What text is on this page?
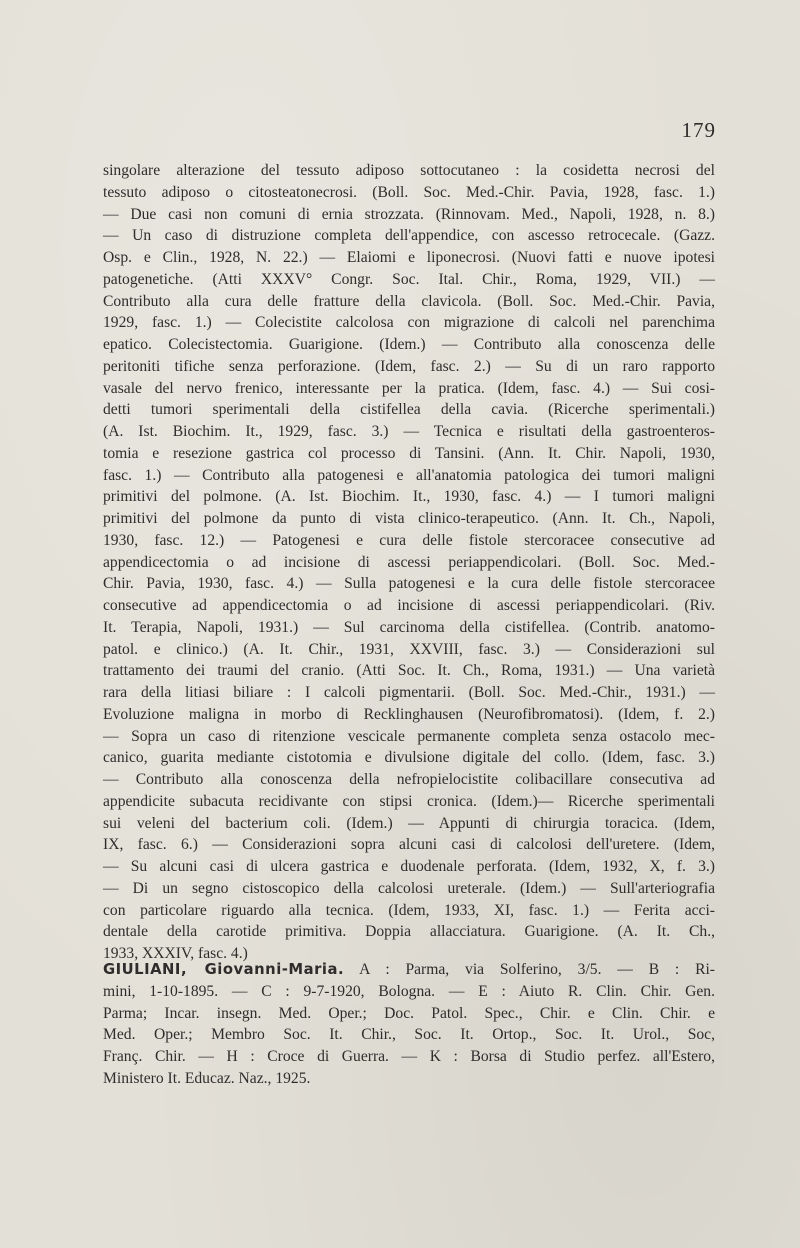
179
singolare alterazione del tessuto adiposo sottocutaneo : la cosidetta necrosi del
tessuto adiposo o citosteatonecrosi. (Boll. Soc. Med.-Chir. Pavia, 1928, fasc. 1.)
— Due casi non comuni di ernia strozzata. (Rinnovam. Med., Napoli, 1928, n. 8.)
— Un caso di distruzione completa dell'appendice, con ascesso retrocecale. (Gazz.
Osp. e Clin., 1928, N. 22.) — Elaiomi e liponecrosi. (Nuovi fatti e nuove ipotesi
patogenetiche. (Atti XXXV° Congr. Soc. Ital. Chir., Roma, 1929, VII.) —
Contributo alla cura delle fratture della clavicola. (Boll. Soc. Med.-Chir. Pavia,
1929, fasc. 1.) — Colecistite calcolosa con migrazione di calcoli nel parenchima
epatico. Colecistectomia. Guarigione. (Idem.) — Contributo alla conoscenza delle
peritoniti tifiche senza perforazione. (Idem, fasc. 2.) — Su di un raro rapporto
vasale del nervo frenico, interessante per la pratica. (Idem, fasc. 4.) — Sui cosi-
detti tumori sperimentali della cistifellea della cavia. (Ricerche sperimentali.)
(A. Ist. Biochim. It., 1929, fasc. 3.) — Tecnica e risultati della gastroenteros-
tomia e resezione gastrica col processo di Tansini. (Ann. It. Chir. Napoli, 1930,
fasc. 1.) — Contributo alla patogenesi e all'anatomia patologica dei tumori maligni
primitivi del polmone. (A. Ist. Biochim. It., 1930, fasc. 4.) — I tumori maligni
primitivi del polmone da punto di vista clinico-terapeutico. (Ann. It. Ch., Napoli,
1930, fasc. 12.) — Patogenesi e cura delle fistole stercoracee consecutive ad
appendicectomia o ad incisione di ascessi periappendicolari. (Boll. Soc. Med.-
Chir. Pavia, 1930, fasc. 4.) — Sulla patogenesi e la cura delle fistole stercoracee
consecutive ad appendicectomia o ad incisione di ascessi periappendicolari. (Riv.
It. Terapia, Napoli, 1931.) — Sul carcinoma della cistifellea. (Contrib. anatomo-
patol. e clinico.) (A. It. Chir., 1931, XXVIII, fasc. 3.) — Considerazioni sul
trattamento dei traumi del cranio. (Atti Soc. It. Ch., Roma, 1931.) — Una varietà
rara della litiasi biliare : I calcoli pigmentarii. (Boll. Soc. Med.-Chir., 1931.) —
Evoluzione maligna in morbo di Recklinghausen (Neurofibromatosi). (Idem, f. 2.)
— Sopra un caso di ritenzione vescicale permanente completa senza ostacolo mec-
canico, guarita mediante cistotomia e divulsione digitale del collo. (Idem, fasc. 3.)
— Contributo alla conoscenza della nefropielocistite colibacillare consecutiva ad
appendicite subacuta recidivante con stipsi cronica. (Idem.)— Ricerche sperimentali
sui veleni del bacterium coli. (Idem.) — Appunti di chirurgia toracica. (Idem,
IX, fasc. 6.) — Considerazioni sopra alcuni casi di calcolosi dell'uretere. (Idem,
— Su alcuni casi di ulcera gastrica e duodenale perforata. (Idem, 1932, X, f. 3.)
— Di un segno cistoscopico della calcolosi ureterale. (Idem.) — Sull'arteriografia
con particolare riguardo alla tecnica. (Idem, 1933, XI, fasc. 1.) — Ferita acci-
dentale della carotide primitiva. Doppia allacciatura. Guarigione. (A. It. Ch.,
1933, XXXIV, fasc. 4.)
GIULIANI, Giovanni-Maria. A : Parma, via Solferino, 3/5. — B : Ri-
mini, 1-10-1895. — C : 9-7-1920, Bologna. — E : Aiuto R. Clin. Chir. Gen.
Parma; Incar. insegn. Med. Oper.; Doc. Patol. Spec., Chir. e Clin. Chir. e
Med. Oper.; Membro Soc. It. Chir., Soc. It. Ortop., Soc. It. Urol., Soc,
Franç. Chir. — H : Croce di Guerra. — K : Borsa di Studio perfez. all'Estero,
Ministero It. Educaz. Naz., 1925.
